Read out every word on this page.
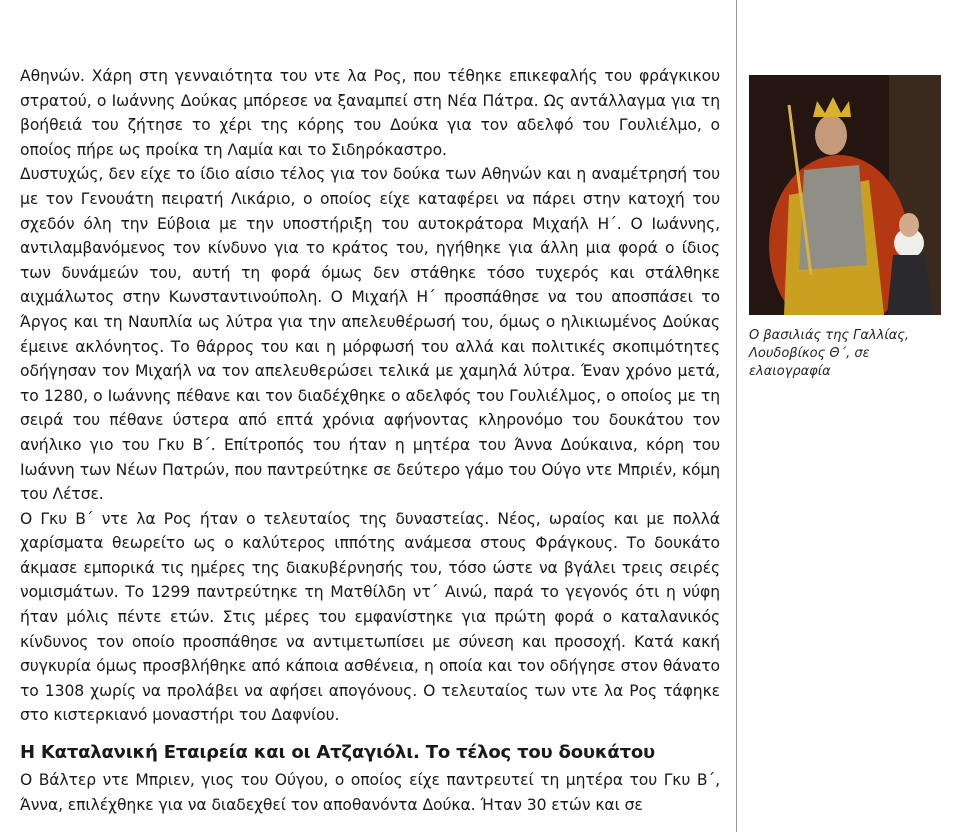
Αθηνών. Χάρη στη γενναιότητα του ντε λα Ρος, που τέθηκε επικεφαλής του φράγκικου στρατού, ο Ιωάννης Δούκας μπόρεσε να ξαναμπεί στη Νέα Πάτρα. Ως αντάλλαγμα για τη βοήθειά του ζήτησε το χέρι της κόρης του Δούκα για τον αδελφό του Γουλιέλμο, ο οποίος πήρε ως προίκα τη Λαμία και το Σιδηρόκαστρο.

Δυστυχώς, δεν είχε το ίδιο αίσιο τέλος για τον δούκα των Αθηνών και η αναμέτρησή του με τον Γενουάτη πειρατή Λικάριο, ο οποίος είχε καταφέρει να πάρει στην κατοχή του σχεδόν όλη την Εύβοια με την υποστήριξη του αυτοκράτορα Μιχαήλ Η΄. Ο Ιωάννης, αντιλαμβανόμενος τον κίνδυνο για το κράτος του, ηγήθηκε για άλλη μια φορά ο ίδιος των δυνάμεών του, αυτή τη φορά όμως δεν στάθηκε τόσο τυχερός και στάλθηκε αιχμάλωτος στην Κωνσταντινούπολη. Ο Μιχαήλ Η΄ προσπάθησε να του αποσπάσει το Άργος και τη Ναυπλία ως λύτρα για την απελευθέρωσή του, όμως ο ηλικιωμένος Δούκας έμεινε ακλόνητος. Το θάρρος του και η μόρφωσή του αλλά και πολιτικές σκοπιμότητες οδήγησαν τον Μιχαήλ να τον απελευθερώσει τελικά με χαμηλά λύτρα. Έναν χρόνο μετά, το 1280, ο Ιωάννης πέθανε και τον διαδέχθηκε ο αδελφός του Γουλιέλμος, ο οποίος με τη σειρά του πέθανε ύστερα από επτά χρόνια αφήνοντας κληρονόμο του δουκάτου τον ανήλικο γιο του Γκυ Β΄. Επίτροπός του ήταν η μητέρα του Άννα Δούκαινα, κόρη του Ιωάννη των Νέων Πατρών, που παντρεύτηκε σε δεύτερο γάμο του Ούγο ντε Μπριέν, κόμη του Λέτσε.

Ο Γκυ Β΄ ντε λα Ρος ήταν ο τελευταίος της δυναστείας. Νέος, ωραίος και με πολλά χαρίσματα θεωρείτο ως ο καλύτερος ιππότης ανάμεσα στους Φράγκους. Το δουκάτο άκμασε εμπορικά τις ημέρες της διακυβέρνησής του, τόσο ώστε να βγάλει τρεις σειρές νομισμάτων. Το 1299 παντρεύτηκε τη Ματθίλδη ντ΄ Αινώ, παρά το γεγονός ότι η νύφη ήταν μόλις πέντε ετών. Στις μέρες του εμφανίστηκε για πρώτη φορά ο καταλανικός κίνδυνος τον οποίο προσπάθησε να αντιμετωπίσει με σύνεση και προσοχή. Κατά κακή συγκυρία όμως προσβλήθηκε από κάποια ασθένεια, η οποία και τον οδήγησε στον θάνατο το 1308 χωρίς να προλάβει να αφήσει απογόνους. Ο τελευταίος των ντε λα Ρος τάφηκε στο κιστερκιανό μοναστήρι του Δαφνίου.

Η Καταλανική Εταιρεία και οι Ατζαγιόλι. Το τέλος του δουκάτου

Ο Βάλτερ ντε Μπριεν, γιος του Ούγου, ο οποίος είχε παντρευτεί τη μητέρα του Γκυ Β΄, Άννα, επιλέχθηκε για να διαδεχθεί τον αποθανόντα Δούκα. Ήταν 30 ετών και σε

Ο βασιλιάς της Γαλλίας, Λουδοβίκος Θ΄, σε ελαιογραφία
